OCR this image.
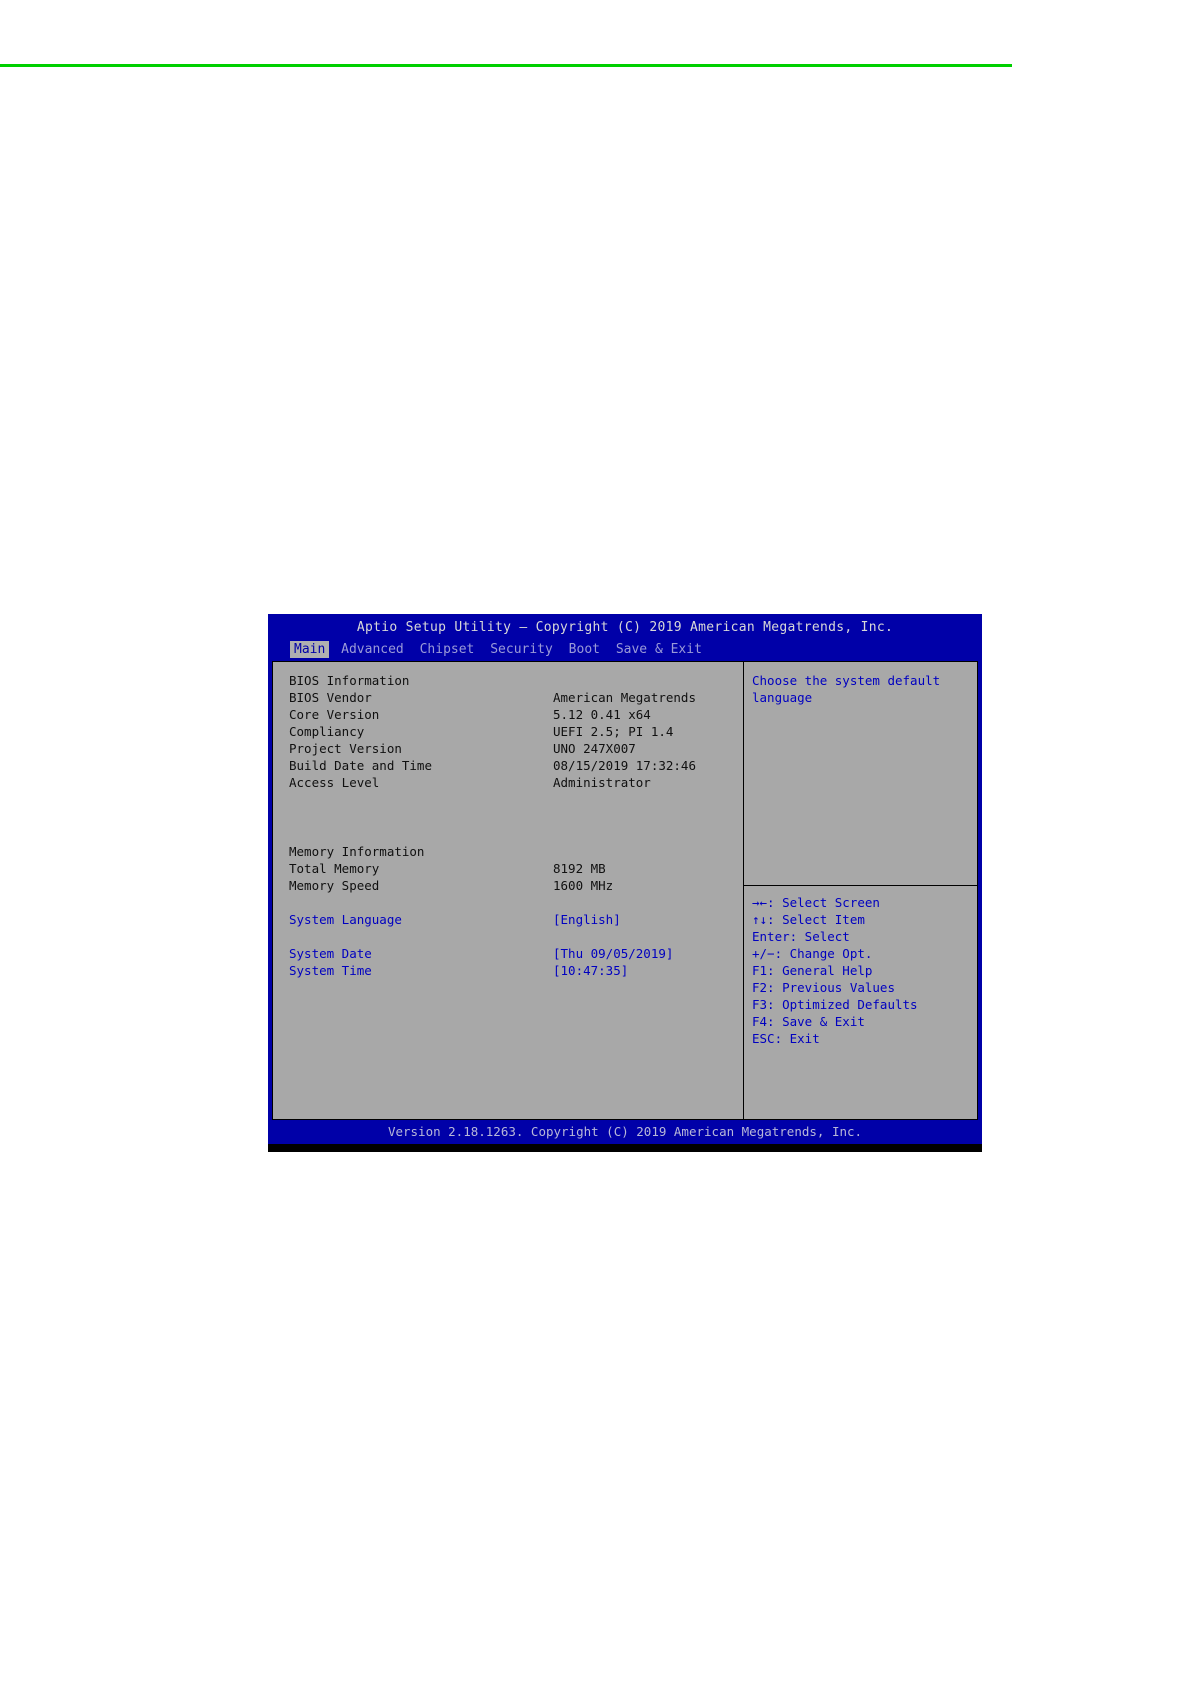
Aptio Setup Utility – Copyright (C) 2019 American Megatrends, Inc.
Main Advanced Chipset Security Boot Save & Exit
BIOS Information
BIOS Vendor	American Megatrends
Core Version	5.12 0.41 x64
Compliancy	UEFI 2.5; PI 1.4
Project Version	UNO 247X007
Build Date and Time	08/15/2019 17:32:46
Access Level	Administrator
Memory Information
Total Memory	8192 MB
Memory Speed	1600 MHz
System Language	[English]
System Date	[Thu 09/05/2019]
System Time	[10:47:35]
Choose the system default language
→←: Select Screen
↑↓: Select Item
Enter: Select
+/−: Change Opt.
F1: General Help
F2: Previous Values
F3: Optimized Defaults
F4: Save & Exit
ESC: Exit
Version 2.18.1263. Copyright (C) 2019 American Megatrends, Inc.
